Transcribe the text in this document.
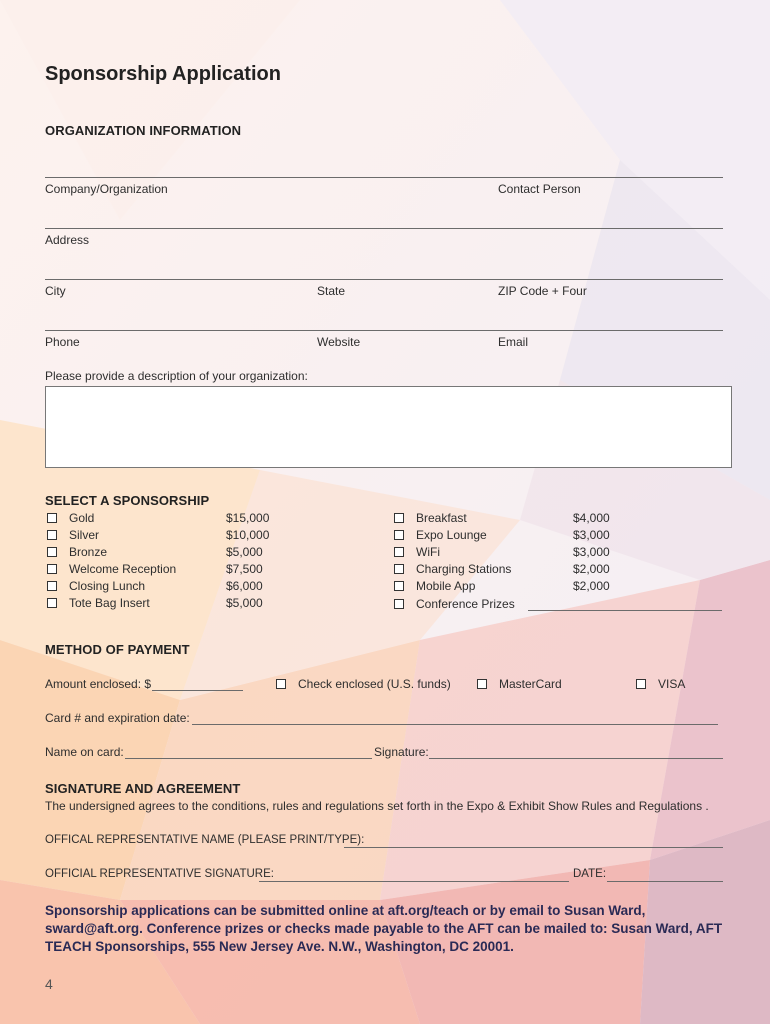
Sponsorship Application
ORGANIZATION INFORMATION
Company/Organization	Contact Person
Address
City	State	ZIP Code + Four
Phone	Website	Email
Please provide a description of your organization:
SELECT A SPONSORSHIP
Gold	$15,000
Silver	$10,000
Bronze	$5,000
Welcome Reception	$7,500
Closing Lunch	$6,000
Tote Bag Insert	$5,000
Breakfast	$4,000
Expo Lounge	$3,000
WiFi	$3,000
Charging Stations	$2,000
Mobile App	$2,000
Conference Prizes
METHOD OF PAYMENT
Amount enclosed: $	Check enclosed (U.S. funds)	MasterCard	VISA
Card # and expiration date:
Name on card:	Signature:
SIGNATURE AND AGREEMENT
The undersigned agrees to the conditions, rules and regulations set forth in the Expo & Exhibit Show Rules and Regulations .
OFFICAL REPRESENTATIVE NAME (PLEASE PRINT/TYPE):
OFFICIAL REPRESENTATIVE SIGNATURE:	DATE:
Sponsorship applications can be submitted online at aft.org/teach or by email to Susan Ward, sward@aft.org. Conference prizes or checks made payable to the AFT can be mailed to: Susan Ward, AFT TEACH Sponsorships, 555 New Jersey Ave. N.W., Washington, DC 20001.
4
